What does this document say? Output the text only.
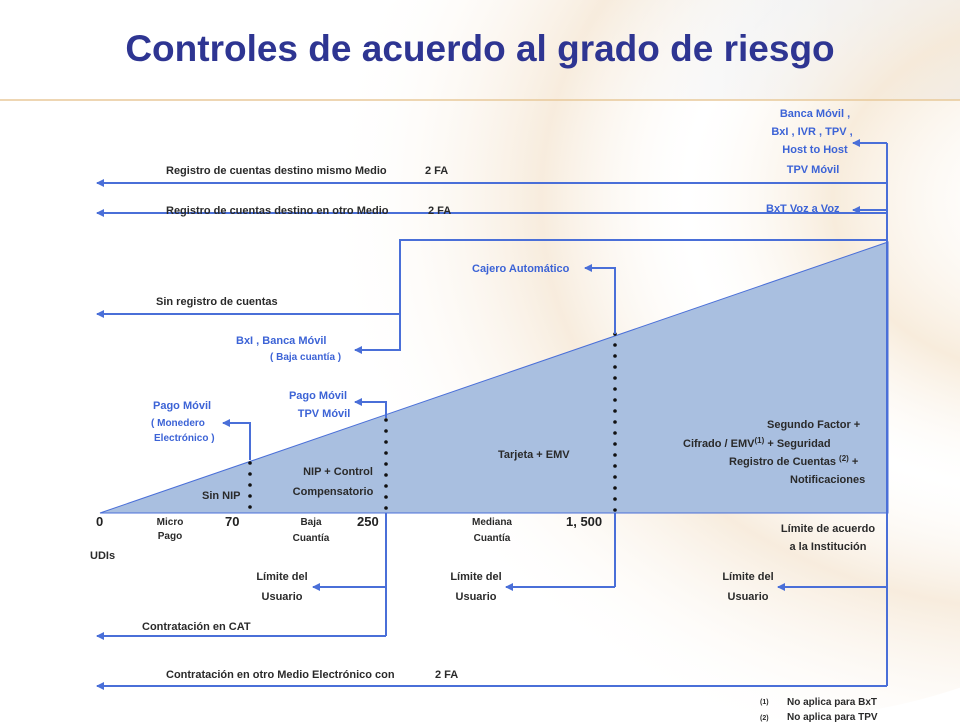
Controles de acuerdo al grado de riesgo
Banca Móvil ,
BxI , IVR , TPV ,
Host to Host
TPV Móvil
BxT Voz a Voz
Registro de cuentas destino mismo Medio	2 FA
Registro de cuentas destino en otro Medio	2 FA
Cajero Automático
Sin registro de cuentas
BxI , Banca Móvil
( Baja cuantía )
Pago Móvil
TPV Móvil
Pago Móvil
( Monedero
Electrónico )
Sin NIP
NIP + Control
Compensatorio
Tarjeta + EMV
Segundo Factor +
Cifrado / $EMV^{(1)}$ + Seguridad
Registro de Cuentas $^{(2)}$ +
Notificaciones
0	70	250	1, 500
UDIs
Micro
Pago
Baja
Cuantía
Mediana
Cuantía
Límite de acuerdo
a la Institución
Límite del
Usuario
Límite del
Usuario
Límite del
Usuario
Contratación en CAT
Contratación en otro Medio Electrónico con	2 FA
(1) No aplica para BxT
(2) No aplica para TPV
